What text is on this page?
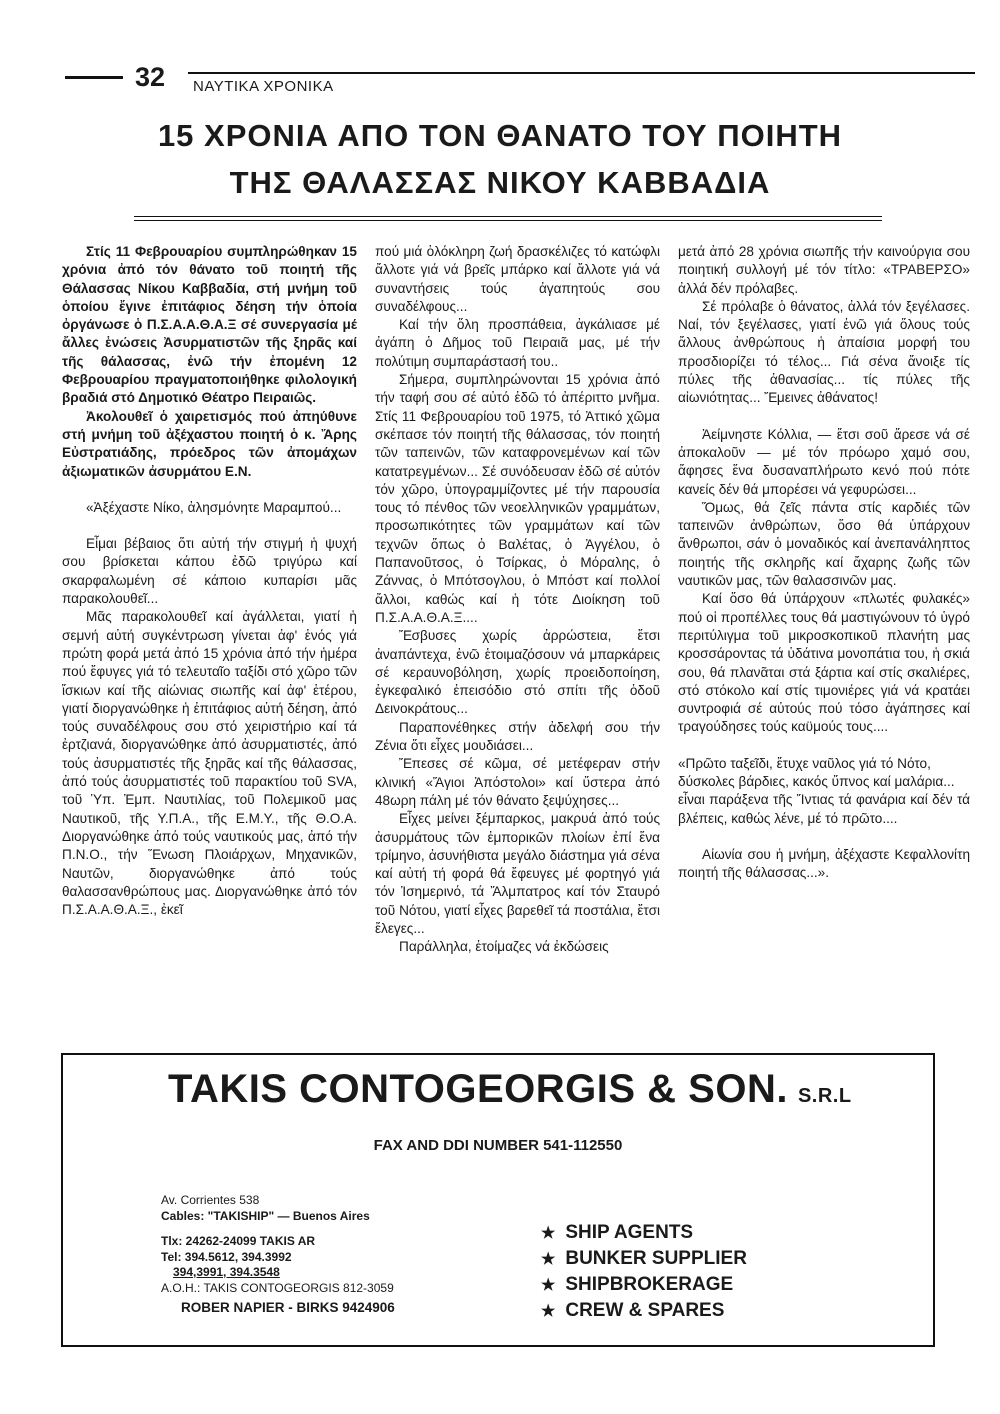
32 ΝΑΥΤΙΚΑ ΧΡΟΝΙΚΑ
15 ΧΡΟΝΙΑ ΑΠΟ ΤΟΝ ΘΑΝΑΤΟ ΤΟΥ ΠΟΙΗΤΗ
ΤΗΣ ΘΑΛΑΣΣΑΣ ΝΙΚΟΥ ΚΑΒΒΑΔΙΑ

Στίς 11 Φεβρουαρίου συμπληρώθηκαν 15 χρόνια ἀπό τόν θάνατο τοῦ ποιητή τῆς Θάλασσας Νίκου Καββαδία, στή μνήμη τοῦ ὁποίου ἔγινε ἐπιτάφιος δέηση τήν ὁποία ὀργάνωσε ὁ Π.Σ.Α.Α.Θ.Α.Ξ σέ συνεργασία μέ ἄλλες ἑνώσεις Ἀσυρματιστῶν τῆς ξηρᾶς καί τῆς θάλασσας, ἐνῶ τήν ἐπομένη 12 Φεβρουαρίου πραγματοποιήθηκε φιλολογική βραδιά στό Δημοτικό Θέατρο Πειραιῶς.

Ἀκολουθεῖ ὁ χαιρετισμός πού ἀπηύθυνε στή μνήμη τοῦ ἀξέχαστου ποιητή ὁ κ. Ἄρης Εὐστρατιάδης, πρόεδρος τῶν ἀπομάχων ἀξιωματικῶν ἀσυρμάτου Ε.Ν.

«Ἀξέχαστε Νίκο, ἀλησμόνητε Μαραμπού...

Εἶμαι βέβαιος ὅτι αὐτή τήν στιγμή ἡ ψυχή σου βρίσκεται κάπου ἐδῶ τριγύρω καί σκαρφαλωμένη σέ κάποιο κυπαρίσι μᾶς παρακολουθεῖ...

Μᾶς παρακολουθεῖ καί ἀγάλλεται, γιατί ἡ σεμνή αὐτή συγκέντρωση γίνεται ἀφ' ἑνός γιά πρώτη φορά μετά ἀπό 15 χρόνια ἀπό τήν ἡμέρα πού ἔφυγες γιά τό τελευταῖο ταξίδι στό χῶρο τῶν ἴσκιων καί τῆς αἰώνιας σιωπῆς καί ἀφ' ἑτέρου, γιατί διοργανώθηκε ἡ ἐπιτάφιος αὐτή δέηση, ἀπό τούς συναδέλφους σου στό χειριστήριο καί τά ἐρτζιανά, διοργανώθηκε ἀπό ἀσυρματιστές, ἀπό τούς ἀσυρματιστές τῆς ξηρᾶς καί τῆς θάλασσας, ἀπό τούς ἀσυρματιστές τοῦ παρακτίου τοῦ SVA, τοῦ Ὑπ. Ἐμπ. Ναυτιλίας, τοῦ Πολεμικοῦ μας Ναυτικοῦ, τῆς Υ.Π.Α., τῆς Ε.Μ.Υ., τῆς Θ.Ο.Α. Διοργανώθηκε ἀπό τούς ναυτικούς μας, ἀπό τήν Π.Ν.Ο., τήν Ἕνωση Πλοιάρχων, Μηχανικῶν, Ναυτῶν, διοργανώθηκε ἀπό τούς θαλασσανθρώπους μας. Διοργανώθηκε ἀπό τόν Π.Σ.Α.Α.Θ.Α.Ξ., ἐκεῖ

πού μιά ὁλόκληρη ζωή δρασκέλιζες τό κατώφλι ἄλλοτε γιά νά βρεῖς μπάρκο καί ἄλλοτε γιά νά συναντήσεις τούς ἀγαπητούς σου συναδέλφους...

Καί τήν ὅλη προσπάθεια, ἀγκάλιασε μέ ἀγάπη ὁ Δῆμος τοῦ Πειραιᾶ μας, μέ τήν πολύτιμη συμπαράστασή του..

Σήμερα, συμπληρώνονται 15 χρόνια ἀπό τήν ταφή σου σέ αὐτό ἐδῶ τό ἀπέριττο μνῆμα. Στίς 11 Φεβρουαρίου τοῦ 1975, τό Ἀττικό χῶμα σκέπασε τόν ποιητή τῆς θάλασσας, τόν ποιητή τῶν ταπεινῶν, τῶν καταφρονεμένων καί τῶν κατατρεγμένων... Σέ συνόδευσαν ἐδῶ σέ αὐτόν τόν χῶρο, ὑπογραμμίζοντες μέ τήν παρουσία τους τό πένθος τῶν νεοελληνικῶν γραμμάτων, προσωπικότητες τῶν γραμμάτων καί τῶν τεχνῶν ὅπως ὁ Βαλέτας, ὁ Ἀγγέλου, ὁ Παπανοῦτσος, ὁ Τσίρκας, ὁ Μόραλης, ὁ Ζάννας, ὁ Μπότσογλου, ὁ Μπόστ καί πολλοί ἄλλοι, καθώς καί ἡ τότε Διοίκηση τοῦ Π.Σ.Α.Α.Θ.Α.Ξ....

Ἔσβυσες χωρίς ἀρρώστεια, ἔτσι ἀναπάντεχα, ἐνῶ ἑτοιμαζόσουν νά μπαρκάρεις σέ κεραυνοβόληση, χωρίς προειδοποίηση, ἐγκεφαλικό ἐπεισόδιο στό σπίτι τῆς ὁδοῦ Δεινοκράτους...

Παραπονέθηκες στήν ἀδελφή σου τήν Ζένια ὅτι εἶχες μουδιάσει...

Ἔπεσες σέ κῶμα, σέ μετέφεραν στήν κλινική «Ἅγιοι Ἀπόστολοι» καί ὕστερα ἀπό 48ωρη πάλη μέ τόν θάνατο ξεψύχησες...

Εἶχες μείνει ξέμπαρκος, μακρυά ἀπό τούς ἀσυρμάτους τῶν ἐμπορικῶν πλοίων ἐπί ἕνα τρίμηνο, ἀσυνήθιστα μεγάλο διάστημα γιά σένα καί αὐτή τή φορά θά ἔφευγες μέ φορτηγό γιά τόν Ἰσημερινό, τά Ἄλμπατρος καί τόν Σταυρό τοῦ Νότου, γιατί εἶχες βαρεθεῖ τά ποστάλια, ἔτσι ἔλεγες...

Παράλληλα, ἑτοίμαζες νά ἐκδώσεις

μετά ἀπό 28 χρόνια σιωπῆς τήν καινούργια σου ποιητική συλλογή μέ τόν τίτλο: «ΤΡΑΒΕΡΣΟ» ἀλλά δέν πρόλαβες.

Σέ πρόλαβε ὁ θάνατος, ἀλλά τόν ξεγέλασες. Ναί, τόν ξεγέλασες, γιατί ἐνῶ γιά ὅλους τούς ἄλλους ἀνθρώπους ἡ ἀπαίσια μορφή του προσδιορίζει τό τέλος... Γιά σένα ἄνοιξε τίς πύλες τῆς ἀθανασίας... τίς πύλες τῆς αἰωνιότητας... Ἔμεινες ἀθάνατος!

Ἀείμνηστε Κόλλια, — ἔτσι σοῦ ἄρεσε νά σέ ἀποκαλοῦν — μέ τόν πρόωρο χαμό σου, ἄφησες ἕνα δυσαναπλήρωτο κενό πού πότε κανείς δέν θά μπορέσει νά γεφυρώσει...

Ὅμως, θά ζεῖς πάντα στίς καρδιές τῶν ταπεινῶν ἀνθρώπων, ὅσο θά ὑπάρχουν ἄνθρωποι, σάν ὁ μοναδικός καί ἀνεπανάληπτος ποιητής τῆς σκληρῆς καί ἄχαρης ζωῆς τῶν ναυτικῶν μας, τῶν θαλασσινῶν μας.

Καί ὅσο θά ὑπάρχουν «πλωτές φυλακές» πού οἱ προπέλλες τους θά μαστιγώνουν τό ὑγρό περιτύλιγμα τοῦ μικροσκοπικοῦ πλανήτη μας κροσσάροντας τά ὑδάτινα μονοπάτια του, ἡ σκιά σου, θά πλανᾶται στά ξάρτια καί στίς σκαλιέρες, στό στόκολο καί στίς τιμονιέρες γιά νά κρατάει συντροφιά σέ αὐτούς πού τόσο ἀγάπησες καί τραγούδησες τούς καϋμούς τους....

«Πρῶτο ταξεῖδι, ἔτυχε ναῦλος γιά τό Νότο,

δύσκολες βάρδιες, κακός ὕπνος καί μαλάρια...

εἶναι παράξενα τῆς Ἴντιας τά φανάρια καί δέν τά βλέπεις, καθώς λένε, μέ τό πρῶτο....

Αἰωνία σου ἡ μνήμη, ἀξέχαστε Κεφαλλονίτη ποιητή τῆς θάλασσας...».

TAKIS CONTOGEORGIS & SON. S.R.L
FAX AND DDI NUMBER 541-112550
Av. Corrientes 538
Cables: "TAKISHIP" — Buenos Aires
Tlx: 24262-24099 TAKIS AR
Tel: 394.5612, 394.3992
394,3991, 394.3548
A.O.H.: TAKIS CONTOGEORGIS 812-3059
ROBER NAPIER - BIRKS 9424906
★ SHIP AGENTS
★ BUNKER SUPPLIER
★ SHIPBROKERAGE
★ CREW & SPARES
